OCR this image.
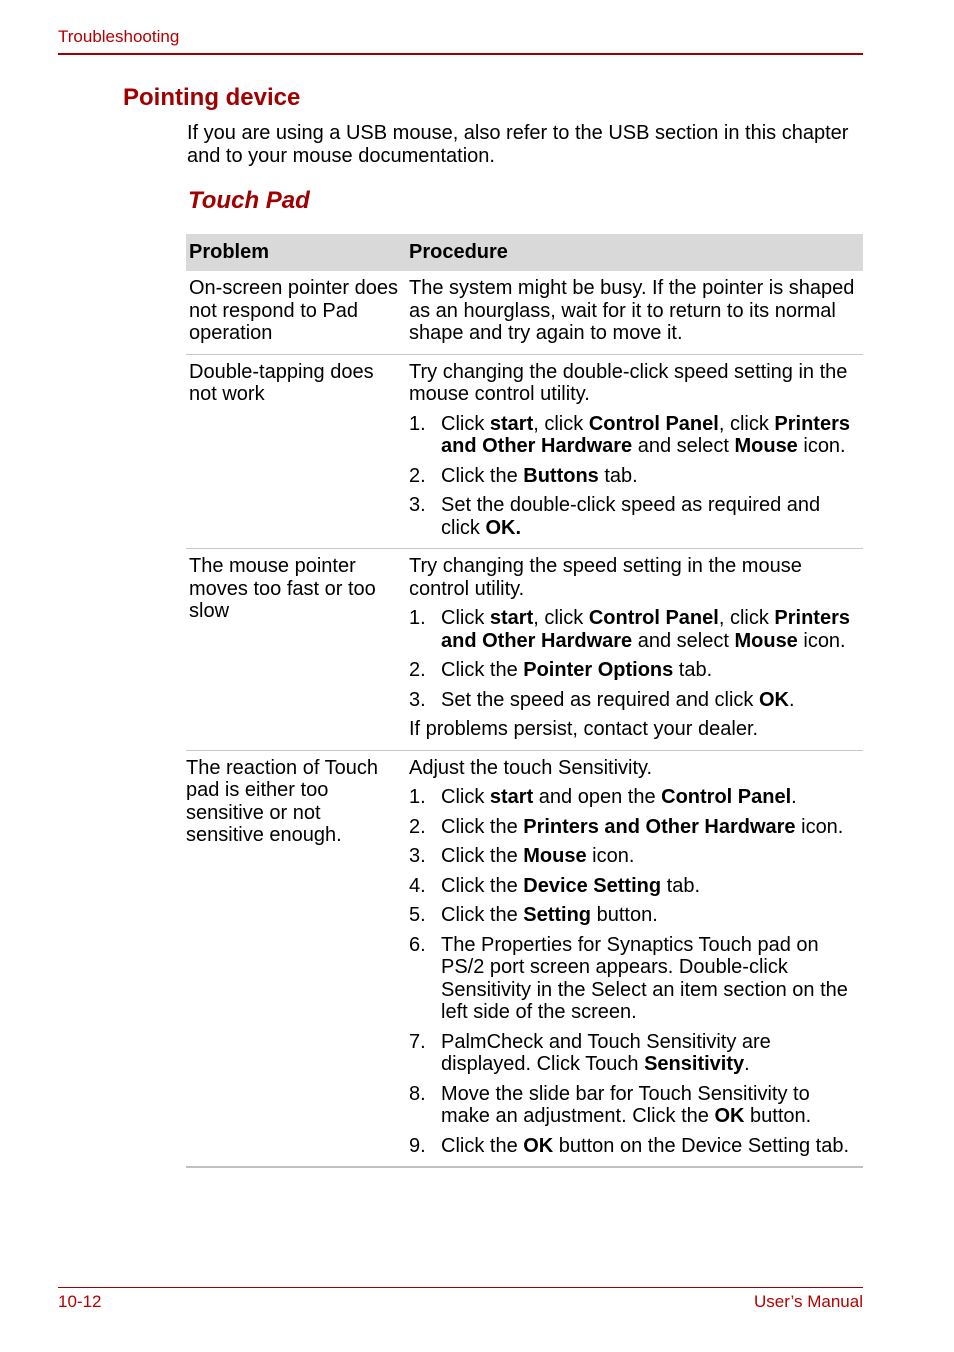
Troubleshooting
Pointing device
If you are using a USB mouse, also refer to the USB section in this chapter and to your mouse documentation.
Touch Pad
Problem	Procedure
On-screen pointer does not respond to Pad operation
The system might be busy. If the pointer is shaped as an hourglass, wait for it to return to its normal shape and try again to move it.
Double-tapping does not work
Try changing the double-click speed setting in the mouse control utility.
1. Click start, click Control Panel, click Printers and Other Hardware and select Mouse icon.
2. Click the Buttons tab.
3. Set the double-click speed as required and click OK.
The mouse pointer moves too fast or too slow
Try changing the speed setting in the mouse control utility.
1. Click start, click Control Panel, click Printers and Other Hardware and select Mouse icon.
2. Click the Pointer Options tab.
3. Set the speed as required and click OK.
If problems persist, contact your dealer.
The reaction of Touch pad is either too sensitive or not sensitive enough.
Adjust the touch Sensitivity.
1. Click start and open the Control Panel.
2. Click the Printers and Other Hardware icon.
3. Click the Mouse icon.
4. Click the Device Setting tab.
5. Click the Setting button.
6. The Properties for Synaptics Touch pad on PS/2 port screen appears. Double-click Sensitivity in the Select an item section on the left side of the screen.
7. PalmCheck and Touch Sensitivity are displayed. Click Touch Sensitivity.
8. Move the slide bar for Touch Sensitivity to make an adjustment. Click the OK button.
9. Click the OK button on the Device Setting tab.
10-12	User’s Manual
